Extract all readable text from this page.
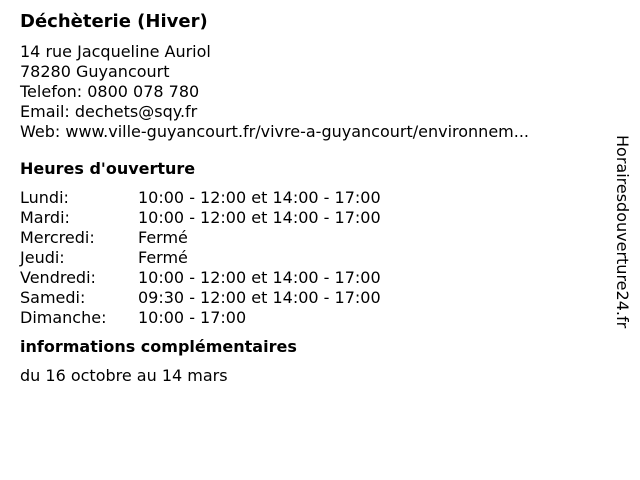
Déchèterie (Hiver)
14 rue Jacqueline Auriol
78280 Guyancourt
Telefon: 0800 078 780
Email: dechets@sqy.fr
Web: www.ville-guyancourt.fr/vivre-a-guyancourt/environnem...
Heures d'ouverture
Lundi:	10:00 - 12:00 et 14:00 - 17:00
Mardi:	10:00 - 12:00 et 14:00 - 17:00
Mercredi:	Fermé
Jeudi:	Fermé
Vendredi:	10:00 - 12:00 et 14:00 - 17:00
Samedi:	09:30 - 12:00 et 14:00 - 17:00
Dimanche:	10:00 - 17:00
informations complémentaires
du 16 octobre au 14 mars
Horairesdouverture24.fr
